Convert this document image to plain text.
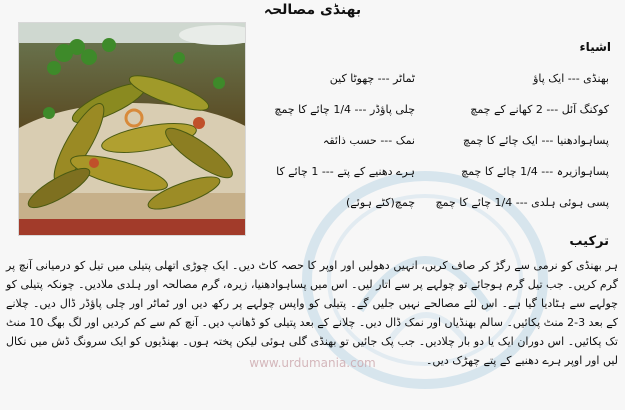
www.urdumania.com
بھنڈی مصالحہ
اشیاء
بھنڈی --- ایک پاؤ
کوکنگ آئل --- 2 کھانے کے چمچ
پساہوادھنیا --- ایک چائے کا چمچ
پساہوازیرہ --- 1/4 چائے کا چمچ
پسی ہوئی ہلدی --- 1/4 چائے کا چمچ
ٹماٹر --- چھوٹا کین
چلی پاؤڈر --- 1/4 چائے کا چمچ
نمک --- حسب ذائقہ
ہرے دھنیے کے پتے --- 1 چائے کا
چمچ(کٹے ہوئے)
ترکیب
ہر بھنڈی کو نرمی سے رگڑ کر صاف کریں، انہیں دھولیں اور اوپر کا حصہ کاٹ دیں۔ ایک چوڑی اتھلی پتیلی میں تیل کو درمیانی آنچ پر گرم کریں۔ جب تیل گرم ہوجائے تو چولہے پر سے اتار لیں۔ اس میں پساہوادھنیا، زیرہ، گرم مصالحہ اور ہلدی ملادیں۔ چونکہ پتیلی کو چولہے سے ہٹادیا گیا ہے۔ اس لئے مصالحے نہیں جلیں گے۔ پتیلی کو واپس چولہے پر رکھ دیں اور ٹماٹر اور چلی پاؤڈر ڈال دیں۔ چلانے کے بعد 3-2 منٹ پکائیں۔ سالم بھنڈیاں اور نمک ڈال دیں۔ چلانے کے بعد پتیلی کو ڈھانپ دیں۔ آنچ کم سے کم کردیں اور لگ بھگ 10 منٹ تک پکائیں۔ اس دوران ایک یا دو بار چلادیں۔ جب پک جائیں تو بھنڈی گلی ہوئی لیکن پختہ ہوں۔ بھنڈیوں کو ایک سرونگ ڈش میں نکال لیں اور اوپر ہرے دھنیے کے پتے چھڑک دیں۔
